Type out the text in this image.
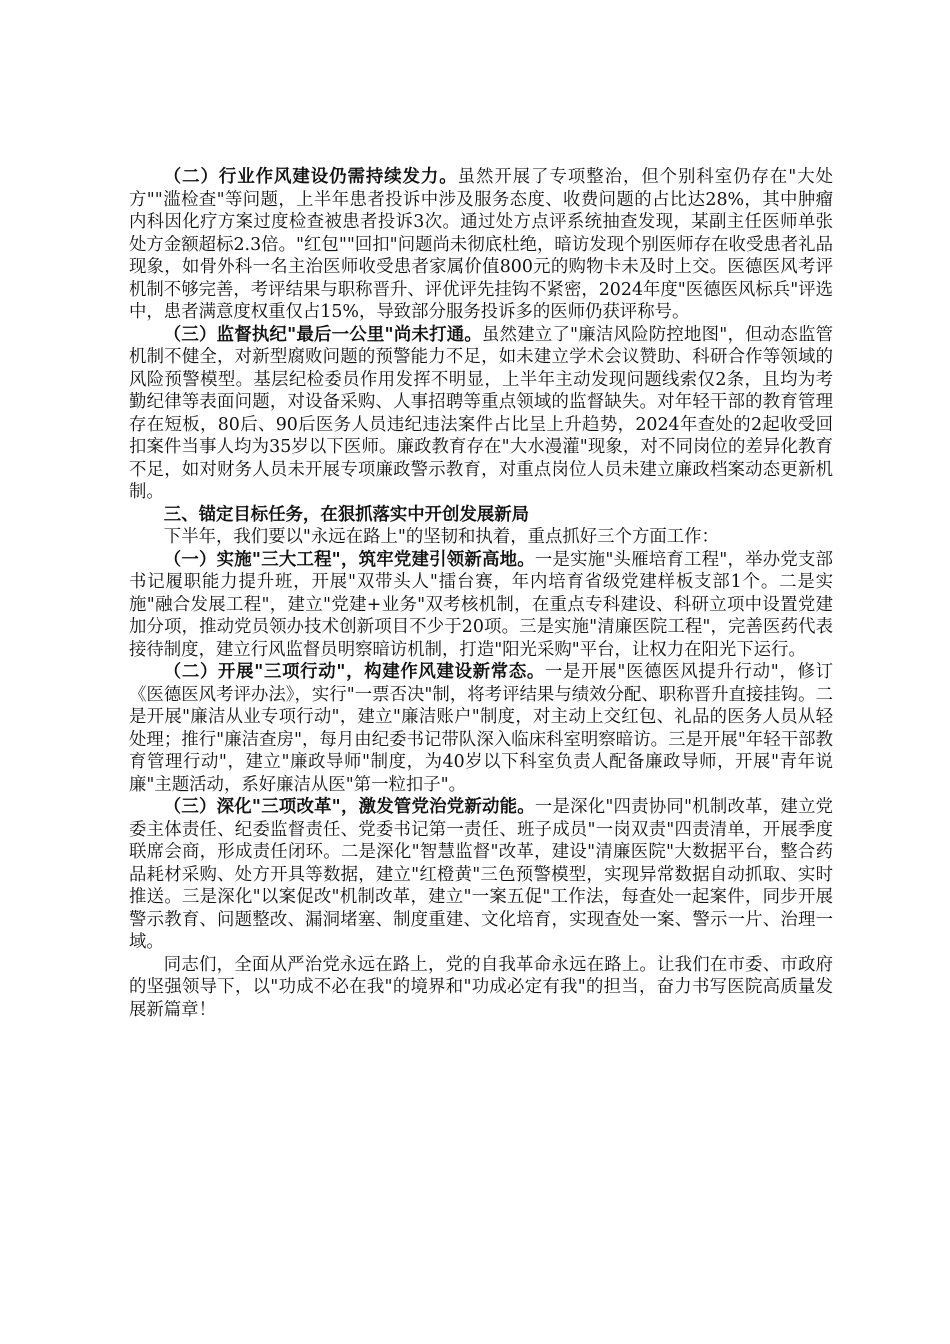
（二）行业作风建设仍需持续发力。虽然开展了专项整治，但个别科室仍存在"大处方""滥检查"等问题，上半年患者投诉中涉及服务态度、收费问题的占比达28%，其中肿瘤内科因化疗方案过度检查被患者投诉3次。通过处方点评系统抽查发现，某副主任医师单张处方金额超标2.3倍。"红包""回扣"问题尚未彻底杜绝，暗访发现个别医师存在收受患者礼品现象，如骨外科一名主治医师收受患者家属价值800元的购物卡未及时上交。医德医风考评机制不够完善，考评结果与职称晋升、评优评先挂钩不紧密，2024年度"医德医风标兵"评选中，患者满意度权重仅占15%，导致部分服务投诉多的医师仍获评称号。

（三）监督执纪"最后一公里"尚未打通。虽然建立了"廉洁风险防控地图"，但动态监管机制不健全，对新型腐败问题的预警能力不足，如未建立学术会议赞助、科研合作等领域的风险预警模型。基层纪检委员作用发挥不明显，上半年主动发现问题线索仅2条，且均为考勤纪律等表面问题，对设备采购、人事招聘等重点领域的监督缺失。对年轻干部的教育管理存在短板，80后、90后医务人员违纪违法案件占比呈上升趋势，2024年查处的2起收受回扣案件当事人均为35岁以下医师。廉政教育存在"大水漫灌"现象，对不同岗位的差异化教育不足，如对财务人员未开展专项廉政警示教育，对重点岗位人员未建立廉政档案动态更新机制。

三、锚定目标任务，在狠抓落实中开创发展新局

下半年，我们要以"永远在路上"的坚韧和执着，重点抓好三个方面工作：

（一）实施"三大工程"，筑牢党建引领新高地。一是实施"头雁培育工程"，举办党支部书记履职能力提升班，开展"双带头人"擂台赛，年内培育省级党建样板支部1个。二是实施"融合发展工程"，建立"党建+业务"双考核机制，在重点专科建设、科研立项中设置党建加分项，推动党员领办技术创新项目不少于20项。三是实施"清廉医院工程"，完善医药代表接待制度，建立行风监督员明察暗访机制，打造"阳光采购"平台，让权力在阳光下运行。

（二）开展"三项行动"，构建作风建设新常态。一是开展"医德医风提升行动"，修订《医德医风考评办法》，实行"一票否决"制，将考评结果与绩效分配、职称晋升直接挂钩。二是开展"廉洁从业专项行动"，建立"廉洁账户"制度，对主动上交红包、礼品的医务人员从轻处理；推行"廉洁查房"，每月由纪委书记带队深入临床科室明察暗访。三是开展"年轻干部教育管理行动"，建立"廉政导师"制度，为40岁以下科室负责人配备廉政导师，开展"青年说廉"主题活动，系好廉洁从医"第一粒扣子"。

（三）深化"三项改革"，激发管党治党新动能。一是深化"四责协同"机制改革，建立党委主体责任、纪委监督责任、党委书记第一责任、班子成员"一岗双责"四责清单，开展季度联席会商，形成责任闭环。二是深化"智慧监督"改革，建设"清廉医院"大数据平台，整合药品耗材采购、处方开具等数据，建立"红橙黄"三色预警模型，实现异常数据自动抓取、实时推送。三是深化"以案促改"机制改革，建立"一案五促"工作法，每查处一起案件，同步开展警示教育、问题整改、漏洞堵塞、制度重建、文化培育，实现查处一案、警示一片、治理一域。

同志们，全面从严治党永远在路上，党的自我革命永远在路上。让我们在市委、市政府的坚强领导下，以"功成不必在我"的境界和"功成必定有我"的担当，奋力书写医院高质量发展新篇章！
